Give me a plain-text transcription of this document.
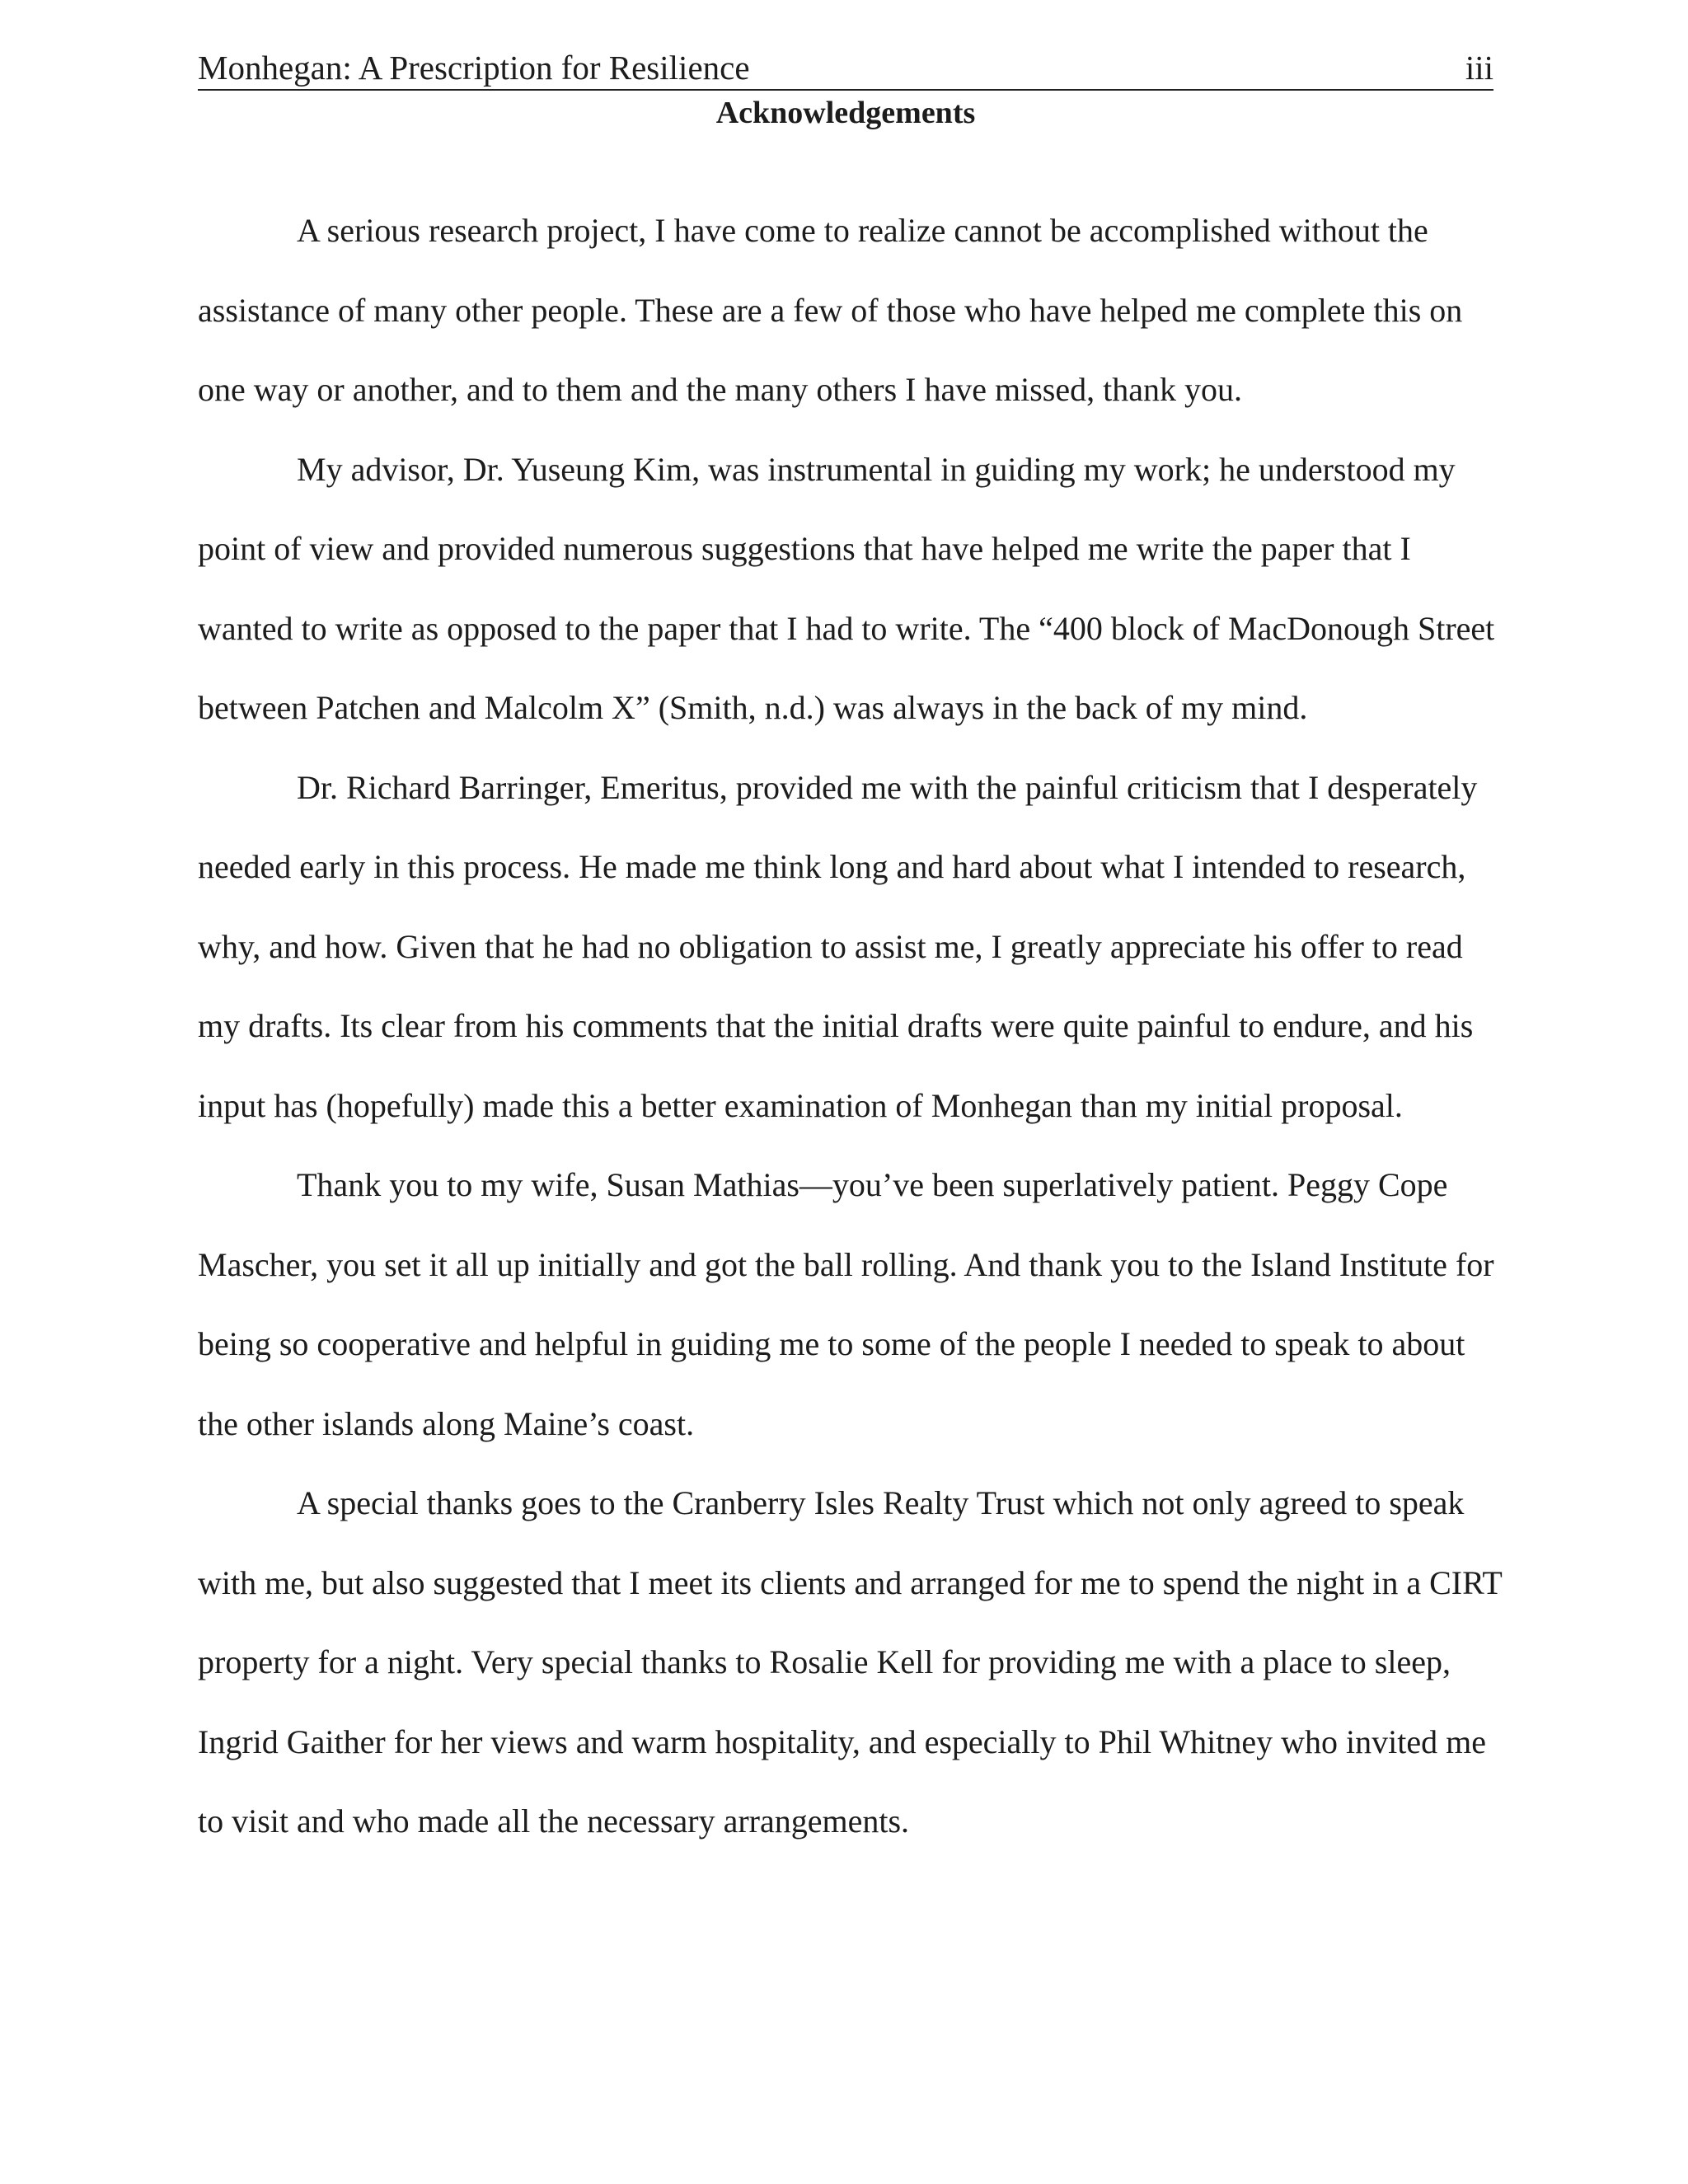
Monhegan: A Prescription for Resilience	iii
Acknowledgements

A serious research project, I have come to realize cannot be accomplished without the assistance of many other people. These are a few of those who have helped me complete this on one way or another, and to them and the many others I have missed, thank you.

My advisor, Dr. Yuseung Kim, was instrumental in guiding my work; he understood my point of view and provided numerous suggestions that have helped me write the paper that I wanted to write as opposed to the paper that I had to write. The “400 block of MacDonough Street between Patchen and Malcolm X” (Smith, n.d.) was always in the back of my mind.

Dr. Richard Barringer, Emeritus, provided me with the painful criticism that I desperately needed early in this process. He made me think long and hard about what I intended to research, why, and how. Given that he had no obligation to assist me, I greatly appreciate his offer to read my drafts. Its clear from his comments that the initial drafts were quite painful to endure, and his input has (hopefully) made this a better examination of Monhegan than my initial proposal.

Thank you to my wife, Susan Mathias—you’ve been superlatively patient. Peggy Cope Mascher, you set it all up initially and got the ball rolling. And thank you to the Island Institute for being so cooperative and helpful in guiding me to some of the people I needed to speak to about the other islands along Maine’s coast.

A special thanks goes to the Cranberry Isles Realty Trust which not only agreed to speak with me, but also suggested that I meet its clients and arranged for me to spend the night in a CIRT property for a night. Very special thanks to Rosalie Kell for providing me with a place to sleep, Ingrid Gaither for her views and warm hospitality, and especially to Phil Whitney who invited me to visit and who made all the necessary arrangements.
